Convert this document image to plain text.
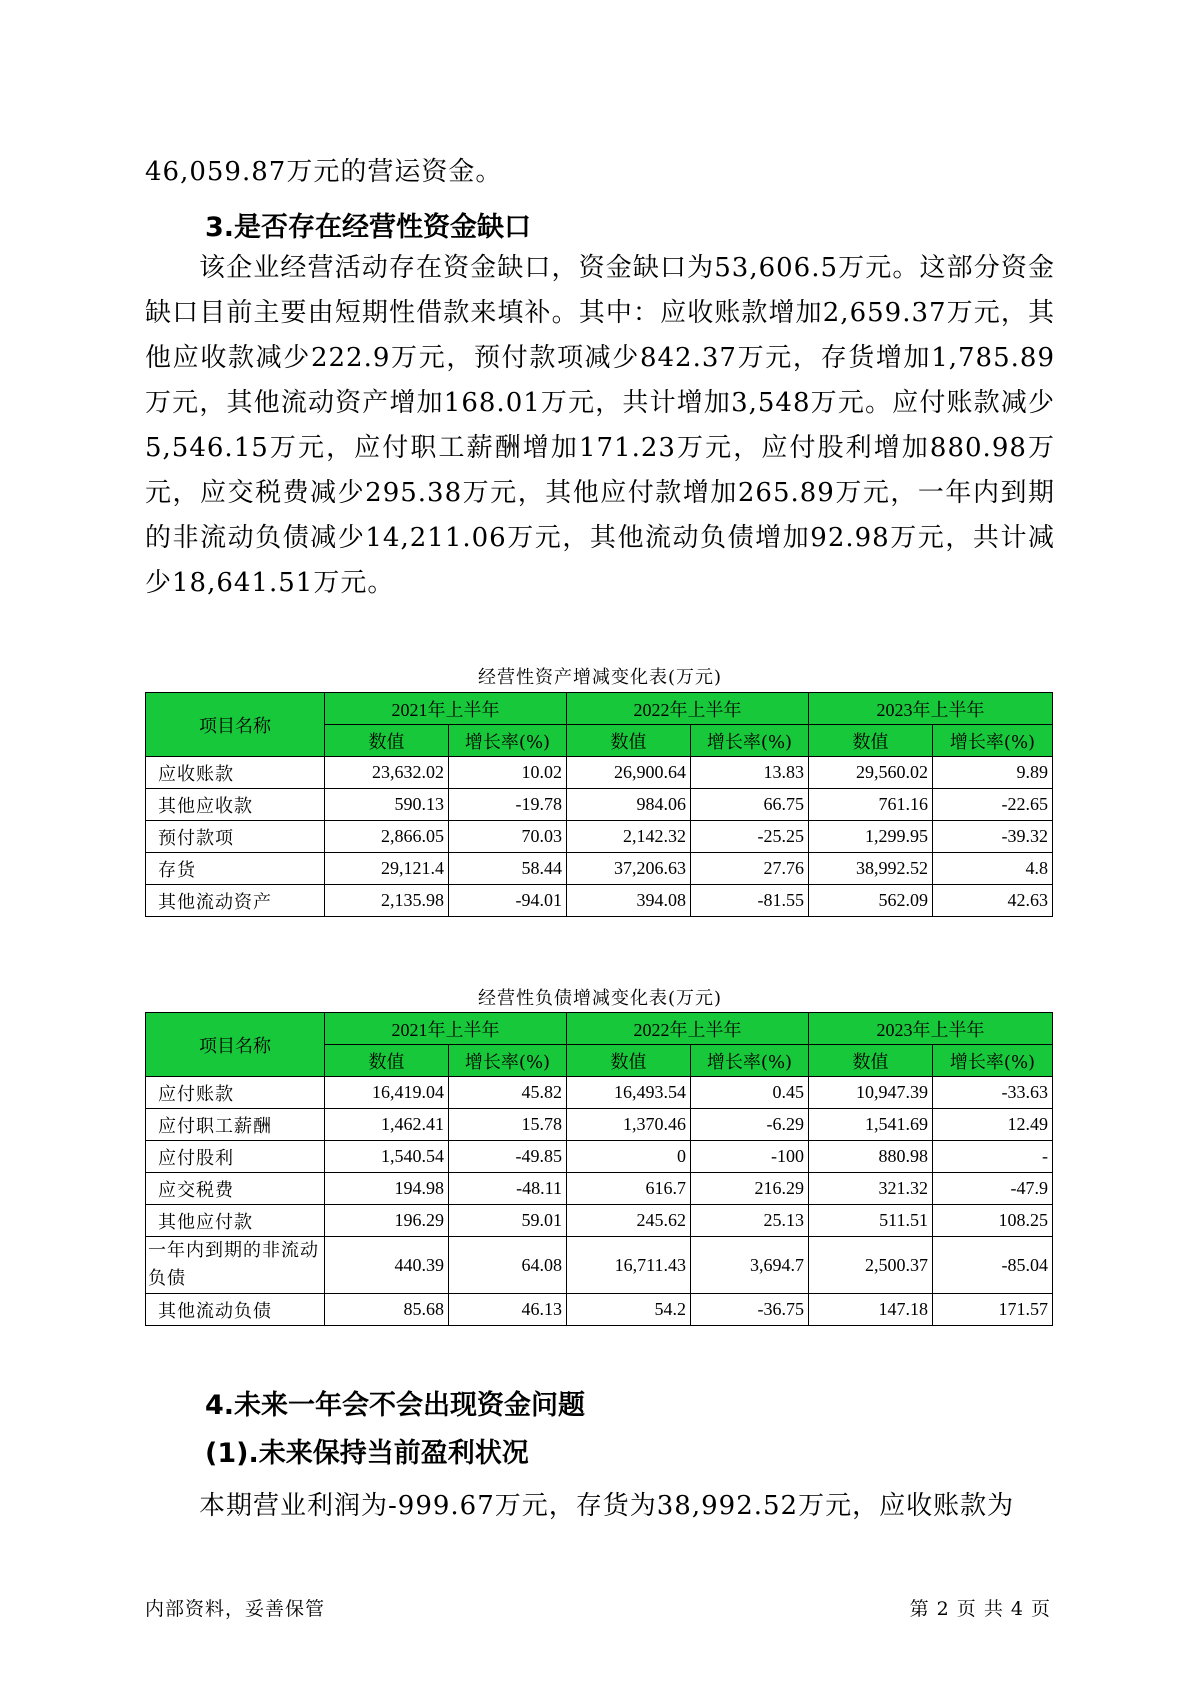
46,059.87万元的营运资金。

3.是否存在经营性资金缺口

该企业经营活动存在资金缺口，资金缺口为53,606.5万元。这部分资金缺口目前主要由短期性借款来填补。其中：应收账款增加2,659.37万元，其他应收款减少222.9万元，预付款项减少842.37万元，存货增加1,785.89万元，其他流动资产增加168.01万元，共计增加3,548万元。应付账款减少5,546.15万元，应付职工薪酬增加171.23万元，应付股利增加880.98万元，应交税费减少295.38万元，其他应付款增加265.89万元，一年内到期的非流动负债减少14,211.06万元，其他流动负债增加92.98万元，共计减少18,641.51万元。

经营性资产增减变化表(万元)
项目名称	2021年上半年		2022年上半年		2023年上半年	
	数值	增长率(%)	数值	增长率(%)	数值	增长率(%)
应收账款	23,632.02	10.02	26,900.64	13.83	29,560.02	9.89
其他应收款	590.13	-19.78	984.06	66.75	761.16	-22.65
预付款项	2,866.05	70.03	2,142.32	-25.25	1,299.95	-39.32
存货	29,121.4	58.44	37,206.63	27.76	38,992.52	4.8
其他流动资产	2,135.98	-94.01	394.08	-81.55	562.09	42.63
经营性负债增减变化表(万元)
项目名称	2021年上半年		2022年上半年		2023年上半年	
	数值	增长率(%)	数值	增长率(%)	数值	增长率(%)
应付账款	16,419.04	45.82	16,493.54	0.45	10,947.39	-33.63
应付职工薪酬	1,462.41	15.78	1,370.46	-6.29	1,541.69	12.49
应付股利	1,540.54	-49.85	0	-100	880.98	-
应交税费	194.98	-48.11	616.7	216.29	321.32	-47.9
其他应付款	196.29	59.01	245.62	25.13	511.51	108.25
一年内到期的非流动负债	440.39	64.08	16,711.43	3,694.7	2,500.37	-85.04
其他流动负债	85.68	46.13	54.2	-36.75	147.18	171.57
4.未来一年会不会出现资金问题
(1).未来保持当前盈利状况

本期营业利润为-999.67万元，存货为38,992.52万元，应收账款为

内部资料，妥善保管	第 2 页 共 4 页
